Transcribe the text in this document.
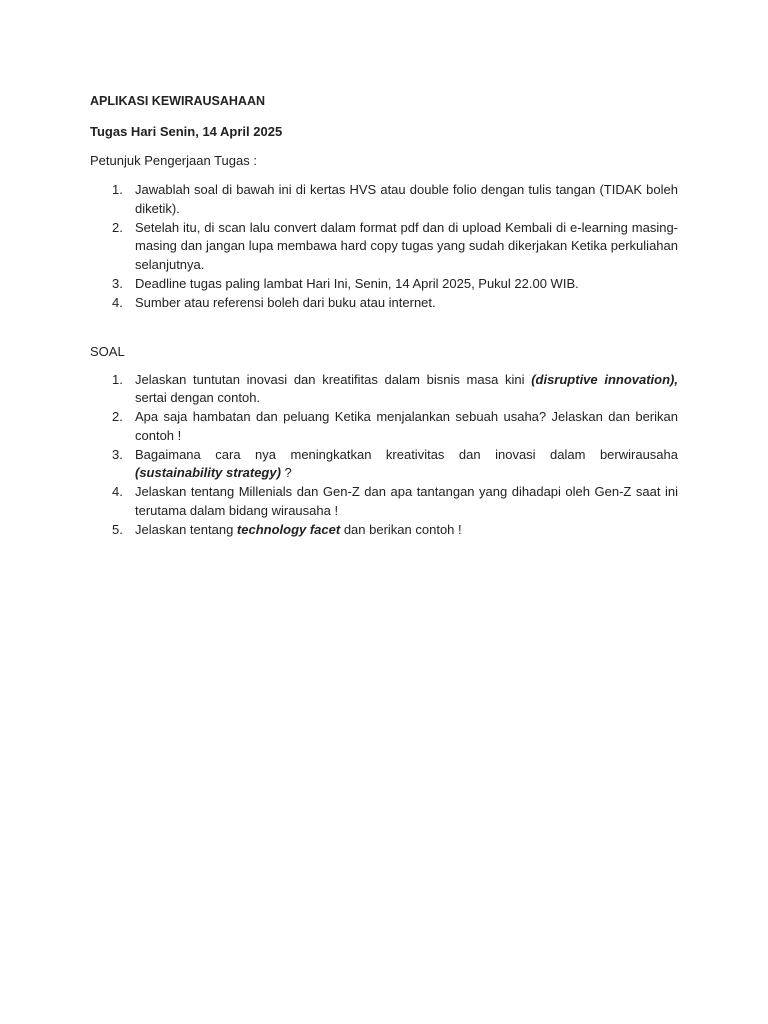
APLIKASI KEWIRAUSAHAAN
Tugas Hari Senin, 14 April 2025
Petunjuk Pengerjaan Tugas :
1. Jawablah soal di bawah ini di kertas HVS atau double folio dengan tulis tangan (TIDAK boleh diketik).
2. Setelah itu, di scan lalu convert dalam format pdf dan di upload Kembali di e-learning masing-masing dan jangan lupa membawa hard copy tugas yang sudah dikerjakan Ketika perkuliahan selanjutnya.
3. Deadline tugas paling lambat Hari Ini, Senin, 14 April 2025, Pukul 22.00 WIB.
4. Sumber atau referensi boleh dari buku atau internet.
SOAL
1. Jelaskan tuntutan inovasi dan kreatifitas dalam bisnis masa kini (disruptive innovation), sertai dengan contoh.
2. Apa saja hambatan dan peluang Ketika menjalankan sebuah usaha? Jelaskan dan berikan contoh !
3. Bagaimana cara nya meningkatkan kreativitas dan inovasi dalam berwirausaha (sustainability strategy) ?
4. Jelaskan tentang Millenials dan Gen-Z dan apa tantangan yang dihadapi oleh Gen-Z saat ini terutama dalam bidang wirausaha !
5. Jelaskan tentang technology facet dan berikan contoh !
